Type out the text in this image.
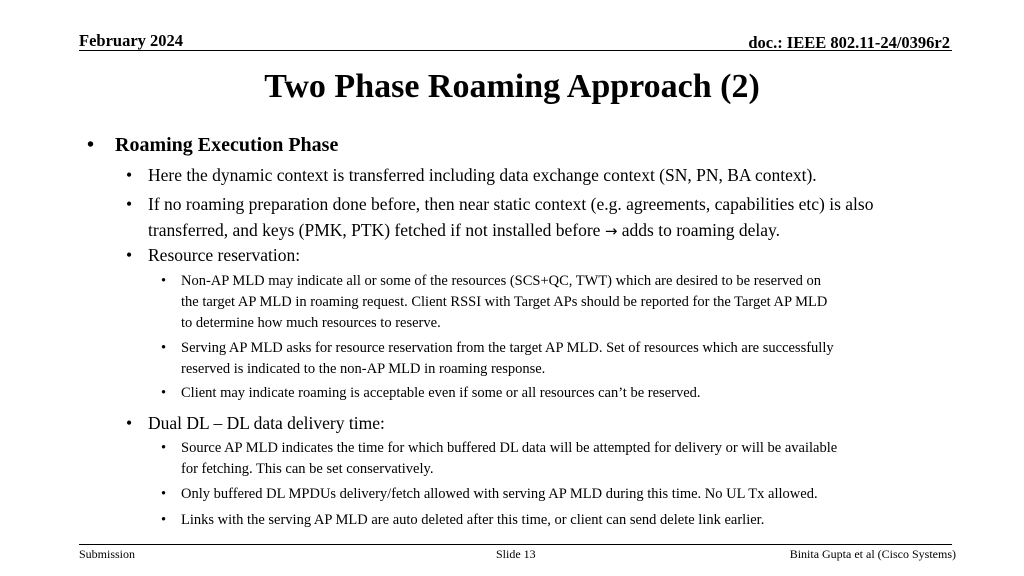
February 2024	doc.: IEEE 802.11-24/0396r2
Two Phase Roaming Approach (2)
• Roaming Execution Phase
• Here the dynamic context is transferred including data exchange context (SN, PN, BA context).
• If no roaming preparation done before, then near static context (e.g. agreements, capabilities etc) is also
transferred, and keys (PMK, PTK) fetched if not installed before → adds to roaming delay.
• Resource reservation:
• Non-AP MLD may indicate all or some of the resources (SCS+QC, TWT) which are desired to be reserved on
the target AP MLD in roaming request. Client RSSI with Target APs should be reported for the Target AP MLD
to determine how much resources to reserve.
• Serving AP MLD asks for resource reservation from the target AP MLD. Set of resources which are successfully
reserved is indicated to the non-AP MLD in roaming response.
• Client may indicate roaming is acceptable even if some or all resources can’t be reserved.
• Dual DL – DL data delivery time:
• Source AP MLD indicates the time for which buffered DL data will be attempted for delivery or will be available
for fetching. This can be set conservatively.
• Only buffered DL MPDUs delivery/fetch allowed with serving AP MLD during this time. No UL Tx allowed.
• Links with the serving AP MLD are auto deleted after this time, or client can send delete link earlier.
Submission	Slide 13	Binita Gupta et al (Cisco Systems)
